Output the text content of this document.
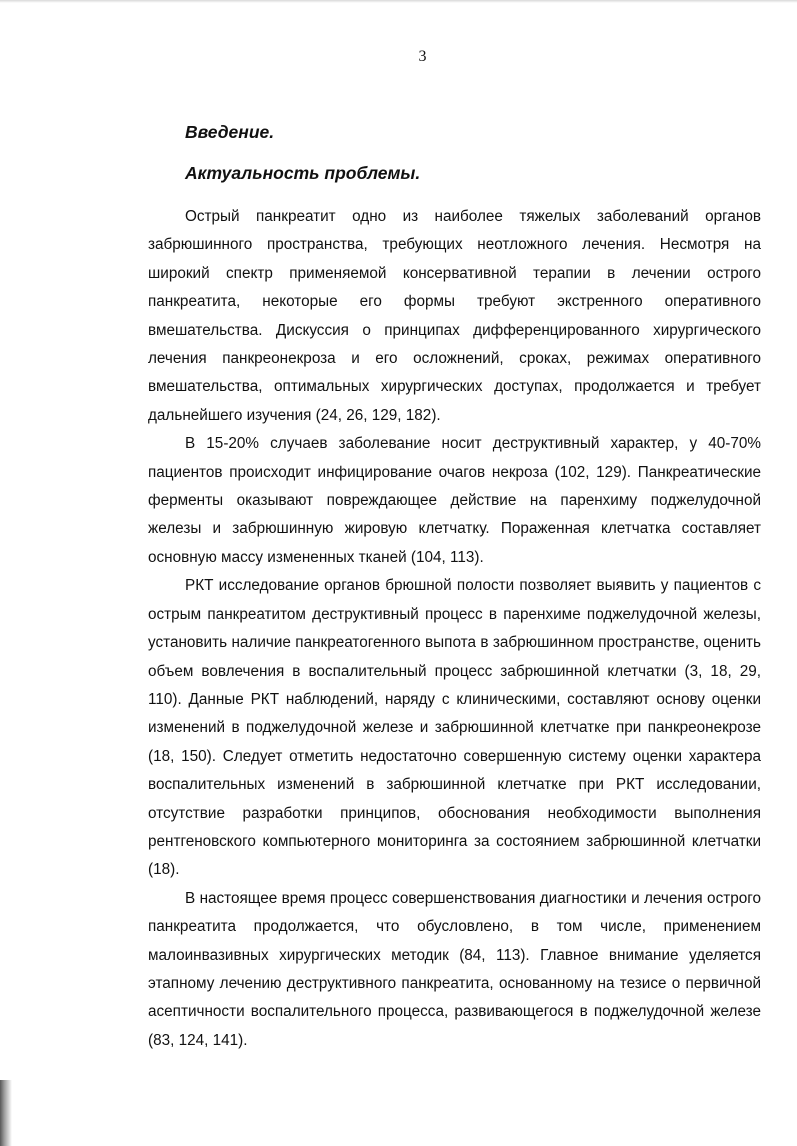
3
Введение.
Актуальность проблемы.

Острый панкреатит одно из наиболее тяжелых заболеваний органов забрюшинного пространства, требующих неотложного лечения. Несмотря на широкий спектр применяемой консервативной терапии в лечении острого панкреатита, некоторые его формы требуют экстренного оперативного вмешательства. Дискуссия о принципах дифференцированного хирургического лечения панкреонекроза и его осложнений, сроках, режимах оперативного вмешательства, оптимальных хирургических доступах, продолжается и требует дальнейшего изучения (24, 26, 129, 182).

В 15-20% случаев заболевание носит деструктивный характер, у 40-70% пациентов происходит инфицирование очагов некроза (102, 129). Панкреатические ферменты оказывают повреждающее действие на паренхиму поджелудочной железы и забрюшинную жировую клетчатку. Пораженная клетчатка составляет основную массу измененных тканей (104, 113).

РКТ исследование органов брюшной полости позволяет выявить у пациентов с острым панкреатитом деструктивный процесс в паренхиме поджелудочной железы, установить наличие панкреатогенного выпота в забрюшинном пространстве, оценить объем вовлечения в воспалительный процесс забрюшинной клетчатки (3, 18, 29, 110). Данные РКТ наблюдений, наряду с клиническими, составляют основу оценки изменений в поджелудочной железе и забрюшинной клетчатке при панкреонекрозе (18, 150). Следует отметить недостаточно совершенную систему оценки характера воспалительных изменений в забрюшинной клетчатке при РКТ исследовании, отсутствие разработки принципов, обоснования необходимости выполнения рентгеновского компьютерного мониторинга за состоянием забрюшинной клетчатки (18).

В настоящее время процесс совершенствования диагностики и лечения острого панкреатита продолжается, что обусловлено, в том числе, применением малоинвазивных хирургических методик (84, 113). Главное внимание уделяется этапному лечению деструктивного панкреатита, основанному на тезисе о первичной асептичности воспалительного процесса, развивающегося в поджелудочной железе (83, 124, 141).
